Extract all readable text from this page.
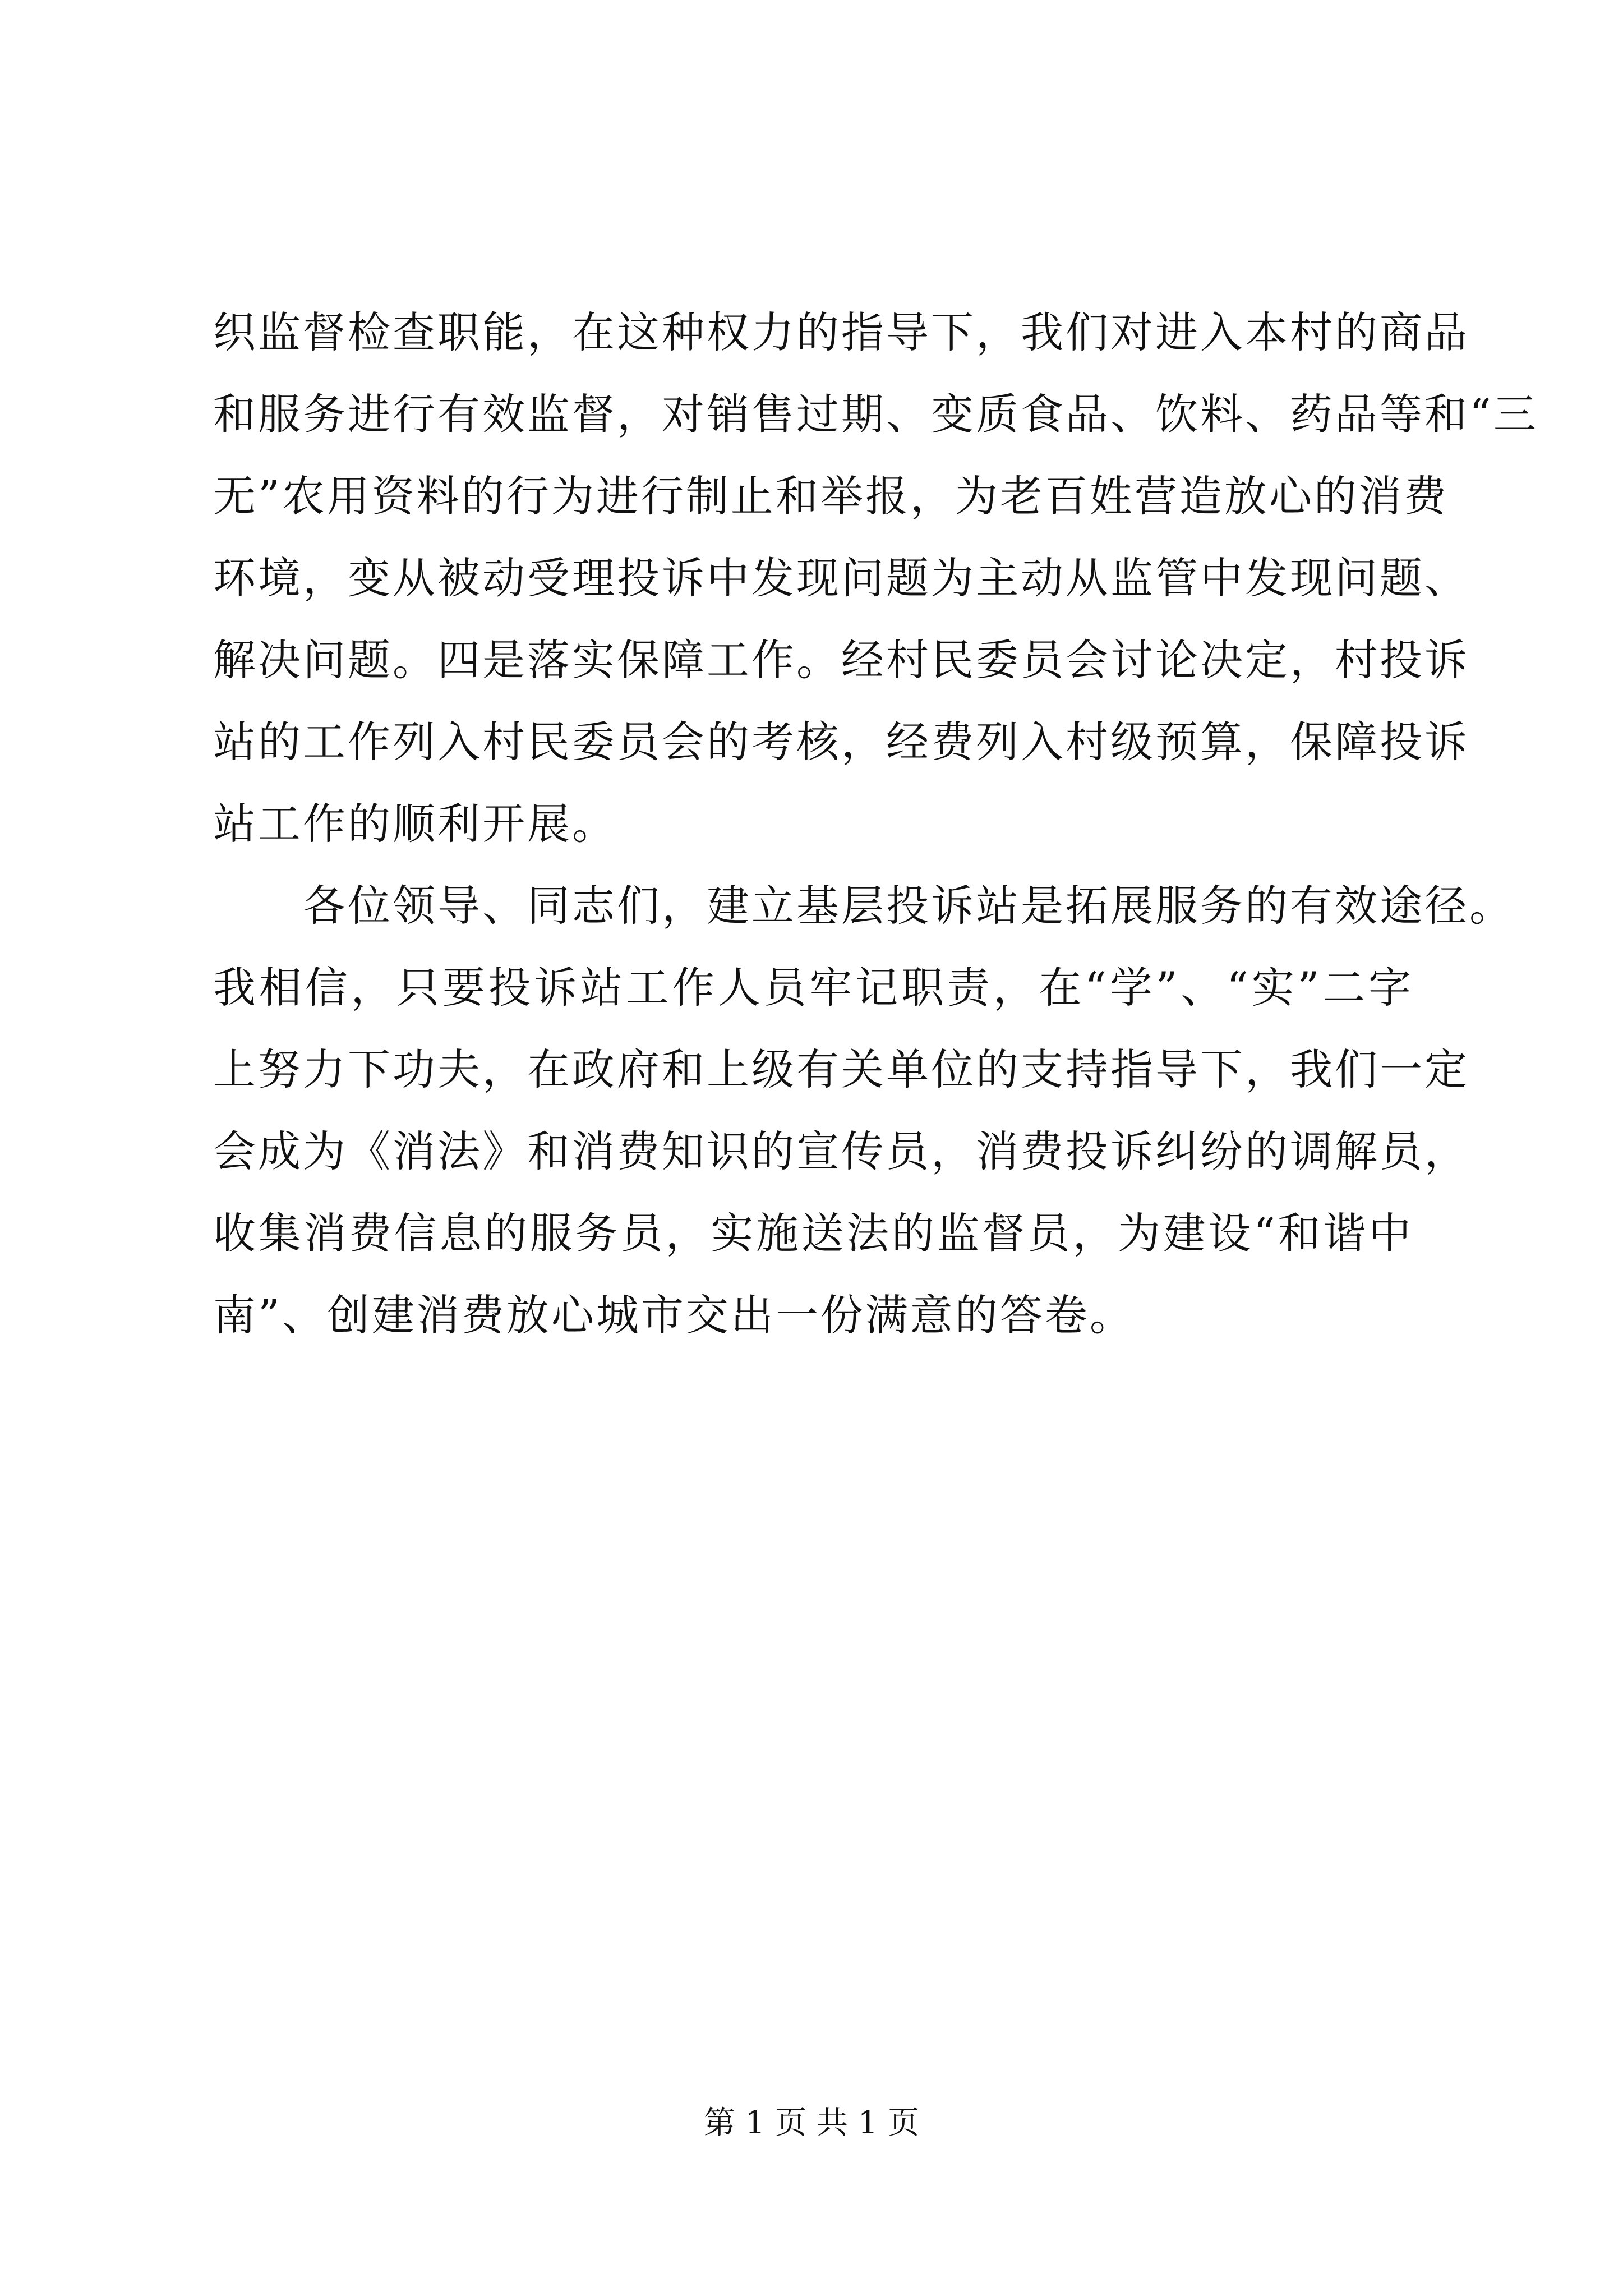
织监督检查职能，在这种权力的指导下，我们对进入本村的商品
和服务进行有效监督，对销售过期、变质食品、饮料、药品等和“三
无”农用资料的行为进行制止和举报，为老百姓营造放心的消费
环境，变从被动受理投诉中发现问题为主动从监管中发现问题、
解决问题。四是落实保障工作。经村民委员会讨论决定，村投诉
站的工作列入村民委员会的考核，经费列入村级预算，保障投诉
站工作的顺利开展。
各位领导、同志们，建立基层投诉站是拓展服务的有效途径。
我相信，只要投诉站工作人员牢记职责，在“学”、“实”二字
上努力下功夫，在政府和上级有关单位的支持指导下，我们一定
会成为《消法》和消费知识的宣传员，消费投诉纠纷的调解员，
收集消费信息的服务员，实施送法的监督员，为建设“和谐中
南”、创建消费放心城市交出一份满意的答卷。
第 1 页 共 1 页
